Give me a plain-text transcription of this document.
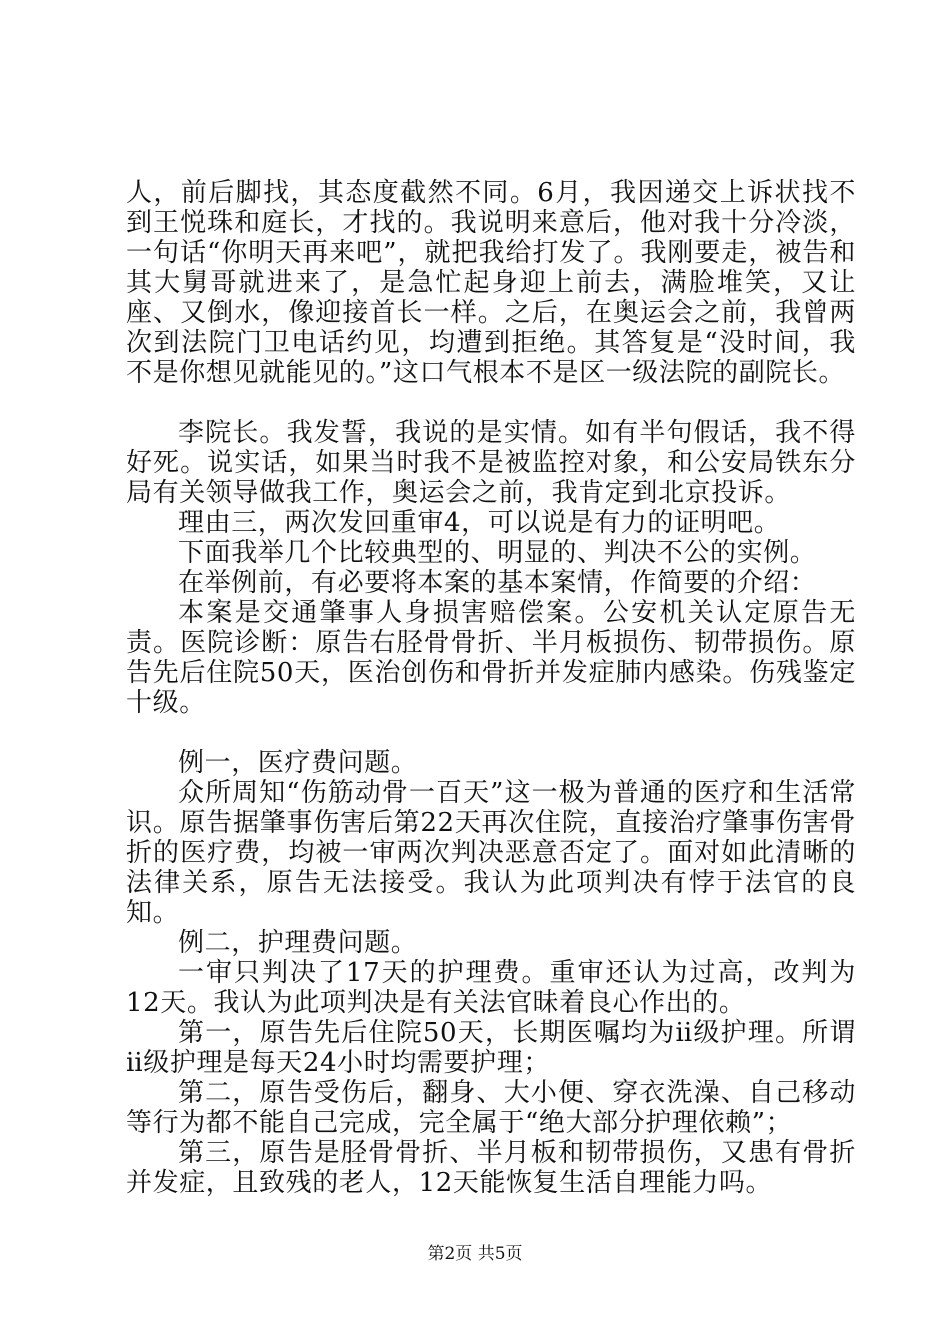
人，前后脚找，其态度截然不同。6月，我因递交上诉状找不到王悦珠和庭长，才找的。我说明来意后，他对我十分冷淡，一句话“你明天再来吧”，就把我给打发了。我刚要走，被告和其大舅哥就进来了，是急忙起身迎上前去，满脸堆笑，又让座、又倒水，像迎接首长一样。之后，在奥运会之前，我曾两次到法院门卫电话约见，均遭到拒绝。其答复是“没时间，我不是你想见就能见的。”这口气根本不是区一级法院的副院长。

李院长。我发誓，我说的是实情。如有半句假话，我不得好死。说实话，如果当时我不是被监控对象，和公安局铁东分局有关领导做我工作，奥运会之前，我肯定到北京投诉。

理由三，两次发回重审4，可以说是有力的证明吧。

下面我举几个比较典型的、明显的、判决不公的实例。

在举例前，有必要将本案的基本案情，作简要的介绍：

本案是交通肇事人身损害赔偿案。公安机关认定原告无责。医院诊断：原告右胫骨骨折、半月板损伤、韧带损伤。原告先后住院50天，医治创伤和骨折并发症肺内感染。伤残鉴定十级。

例一，医疗费问题。

众所周知“伤筋动骨一百天”这一极为普通的医疗和生活常识。原告据肇事伤害后第22天再次住院，直接治疗肇事伤害骨折的医疗费，均被一审两次判决恶意否定了。面对如此清晰的法律关系，原告无法接受。我认为此项判决有悖于法官的良知。

例二，护理费问题。

一审只判决了17天的护理费。重审还认为过高，改判为12天。我认为此项判决是有关法官昧着良心作出的。

第一，原告先后住院50天，长期医嘱均为ⅱ级护理。所谓ⅱ级护理是每天24小时均需要护理；

第二，原告受伤后，翻身、大小便、穿衣洗澡、自己移动等行为都不能自己完成，完全属于“绝大部分护理依赖”；

第三，原告是胫骨骨折、半月板和韧带损伤，又患有骨折并发症，且致残的老人，12天能恢复生活自理能力吗。

第2页 共5页
